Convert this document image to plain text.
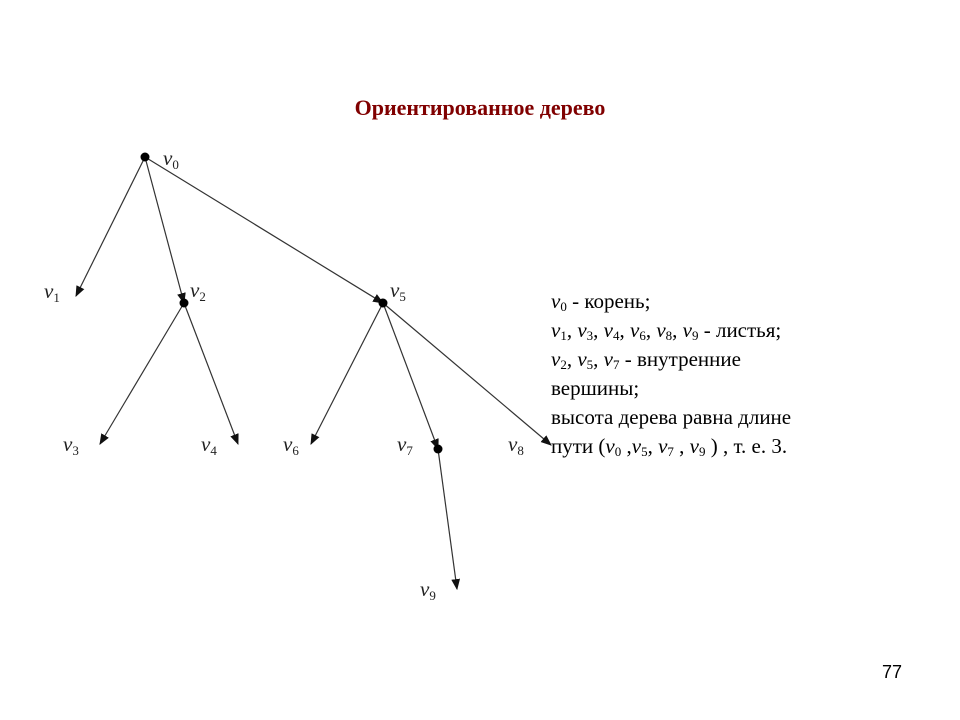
Ориентированное дерево
v0
v1	v2
v3	v4
v5
v6	v7	v8
v9
$v_0$ - корень;
$v_1$, $v_3$, $v_4$, $v_6$, $v_8$, $v_9$ - листья;
$v_2$, $v_5$, $v_7$ - внутренние
вершины;
высота дерева равна длине
пути ($v_0$ $,v_5$, $v_7$ , $v_9$ ) , т. е. 3.
77
